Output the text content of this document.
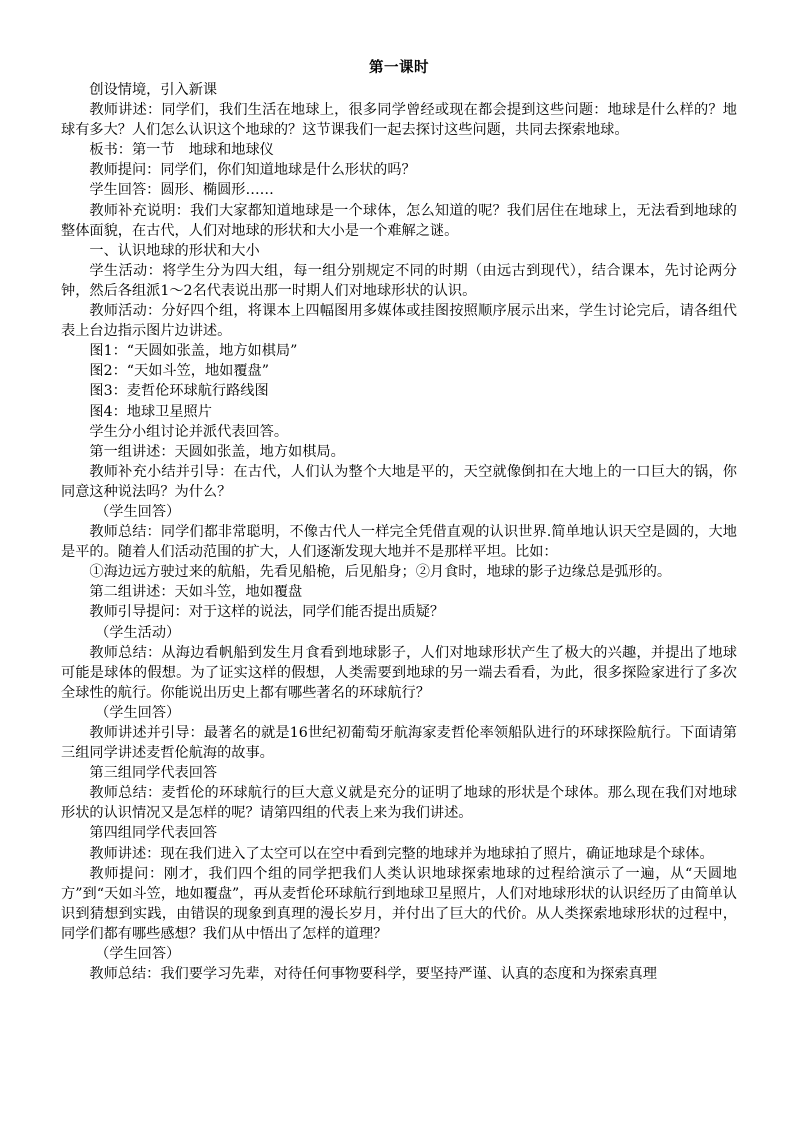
第一课时

创设情境，引入新课

教师讲述：同学们，我们生活在地球上，很多同学曾经或现在都会提到这些问题：地球是什么样的？地球有多大？人们怎么认识这个地球的？这节课我们一起去探讨这些问题，共同去探索地球。

板书：第一节　地球和地球仪

教师提问：同学们，你们知道地球是什么形状的吗？

学生回答：圆形、椭圆形……

教师补充说明：我们大家都知道地球是一个球体，怎么知道的呢？我们居住在地球上，无法看到地球的整体面貌，在古代，人们对地球的形状和大小是一个难解之谜。

一、认识地球的形状和大小

学生活动：将学生分为四大组，每一组分别规定不同的时期（由远古到现代），结合课本，先讨论两分钟，然后各组派1～2名代表说出那一时期人们对地球形状的认识。

教师活动：分好四个组，将课本上四幅图用多媒体或挂图按照顺序展示出来，学生讨论完后，请各组代表上台边指示图片边讲述。

图1：“天圆如张盖，地方如棋局”

图2：“天如斗笠，地如覆盘”

图3：麦哲伦环球航行路线图

图4：地球卫星照片

学生分小组讨论并派代表回答。

第一组讲述：天圆如张盖，地方如棋局。

教师补充小结并引导：在古代，人们认为整个大地是平的，天空就像倒扣在大地上的一口巨大的锅，你同意这种说法吗？为什么？

（学生回答）

教师总结：同学们都非常聪明，不像古代人一样完全凭借直观的认识世界.简单地认识天空是圆的，大地是平的。随着人们活动范围的扩大，人们逐渐发现大地并不是那样平坦。比如：

①海边远方驶过来的航船，先看见船桅，后见船身；②月食时，地球的影子边缘总是弧形的。

第二组讲述：天如斗笠，地如覆盘

教师引导提问：对于这样的说法，同学们能否提出质疑？

（学生活动）

教师总结：从海边看帆船到发生月食看到地球影子，人们对地球形状产生了极大的兴趣，并提出了地球可能是球体的假想。为了证实这样的假想，人类需要到地球的另一端去看看，为此，很多探险家进行了多次全球性的航行。你能说出历史上都有哪些著名的环球航行？

（学生回答）

教师讲述并引导：最著名的就是16世纪初葡萄牙航海家麦哲伦率领船队进行的环球探险航行。下面请第三组同学讲述麦哲伦航海的故事。

第三组同学代表回答

教师总结：麦哲伦的环球航行的巨大意义就是充分的证明了地球的形状是个球体。那么现在我们对地球形状的认识情况又是怎样的呢？请第四组的代表上来为我们讲述。

第四组同学代表回答

教师讲述：现在我们进入了太空可以在空中看到完整的地球并为地球拍了照片，确证地球是个球体。

教师提问：刚才，我们四个组的同学把我们人类认识地球探索地球的过程给演示了一遍，从“天圆地方”到“天如斗笠，地如覆盘”，再从麦哲伦环球航行到地球卫星照片，人们对地球形状的认识经历了由简单认识到猜想到实践，由错误的现象到真理的漫长岁月，并付出了巨大的代价。从人类探索地球形状的过程中，同学们都有哪些感想？我们从中悟出了怎样的道理？

（学生回答）

教师总结：我们要学习先辈，对待任何事物要科学，要坚持严谨、认真的态度和为探索真理
